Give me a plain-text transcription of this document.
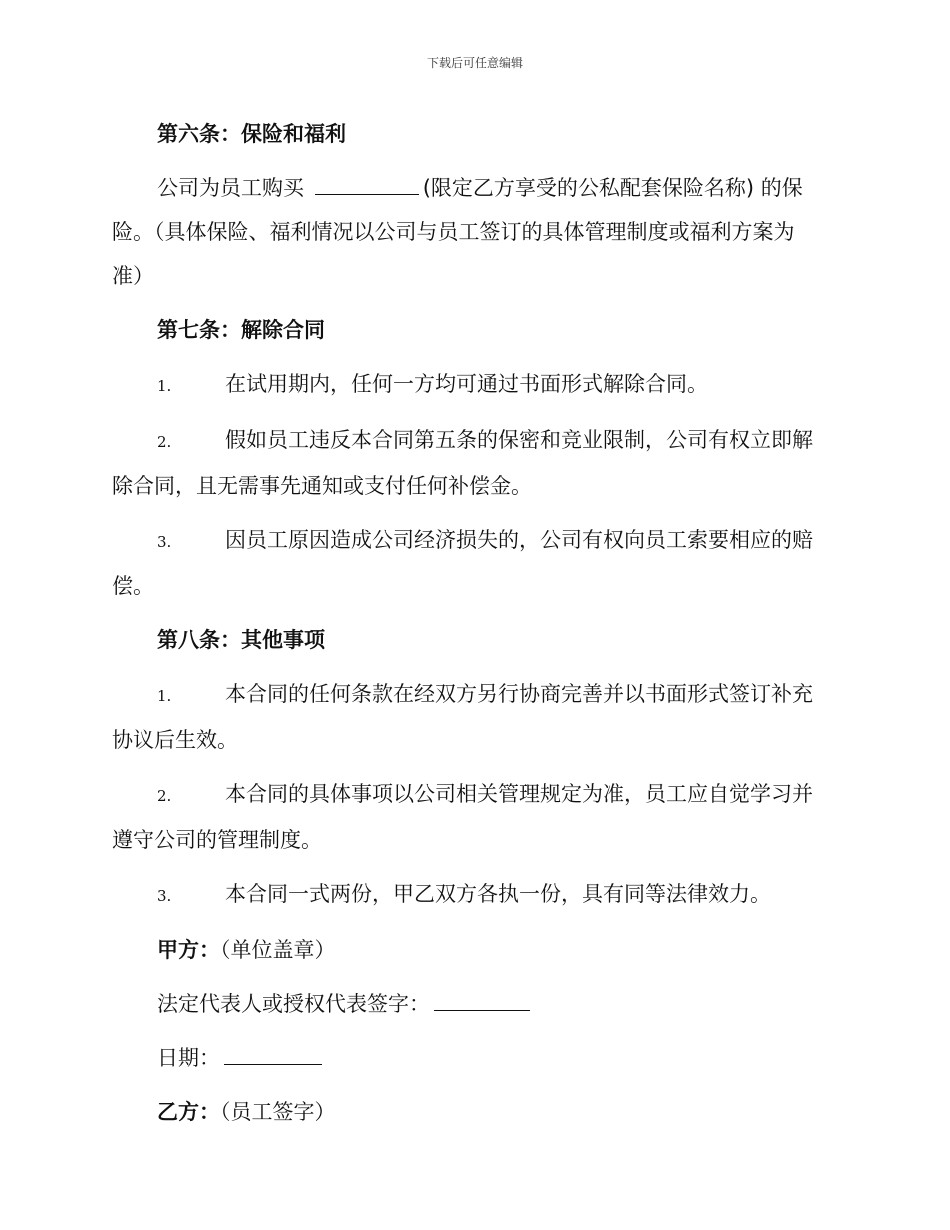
下载后可任意编辑
第六条：保险和福利
公司为员工购买	(限定乙方享受的公私配套保险名称) 的保
险。（具体保险、福利情况以公司与员工签订的具体管理制度或福利方案为
准）
第七条：解除合同
1.	在试用期内，任何一方均可通过书面形式解除合同。
2.	假如员工违反本合同第五条的保密和竞业限制，公司有权立即解
除合同，且无需事先通知或支付任何补偿金。
3.	因员工原因造成公司经济损失的，公司有权向员工索要相应的赔
偿。
第八条：其他事项
1.	本合同的任何条款在经双方另行协商完善并以书面形式签订补充
协议后生效。
2.	本合同的具体事项以公司相关管理规定为准，员工应自觉学习并
遵守公司的管理制度。
3.	本合同一式两份，甲乙双方各执一份，具有同等法律效力。
甲方：（单位盖章）
法定代表人或授权代表签字：
日期：
乙方：（员工签字）
